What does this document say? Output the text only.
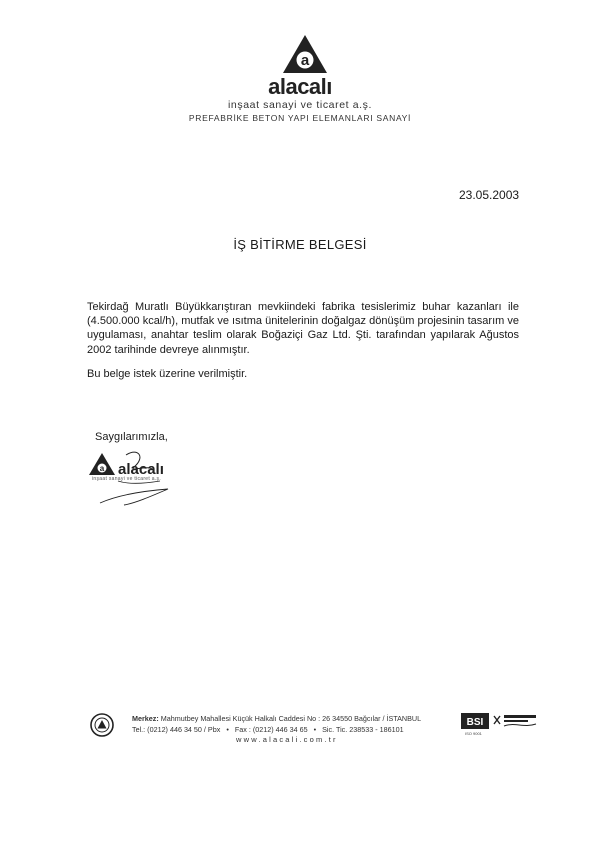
a
alacalı
inşaat sanayi ve ticaret a.ş.
PREFABRİKE BETON YAPI ELEMANLARI SANAYİ
23.05.2003
İŞ BİTİRME BELGESİ

Tekirdağ Muratlı Büyükkarıştıran mevkiindeki fabrika tesislerimiz buhar kazanları ile (4.500.000 kcal/h), mutfak ve ısıtma ünitelerinin doğalgaz dönüşüm projesinin tasarım ve uygulaması, anahtar teslim olarak Boğaziçi Gaz Ltd. Şti. tarafından yapılarak Ağustos 2002 tarihinde devreye alınmıştır.

Bu belge istek üzerine verilmiştir.

Saygılarımızla,
a alacalı
inşaat sanayi ve ticaret a.ş.
Merkez: Mahmutbey Mahallesi Küçük Halkalı Caddesi No : 26 34550 Bağcılar / İSTANBUL
Tel.: (0212) 446 34 50 / Pbx • Fax : (0212) 446 34 65 • Sic. Tic. 238533 - 186101
www.alacali.com.tr
BSI
ISO 9001
